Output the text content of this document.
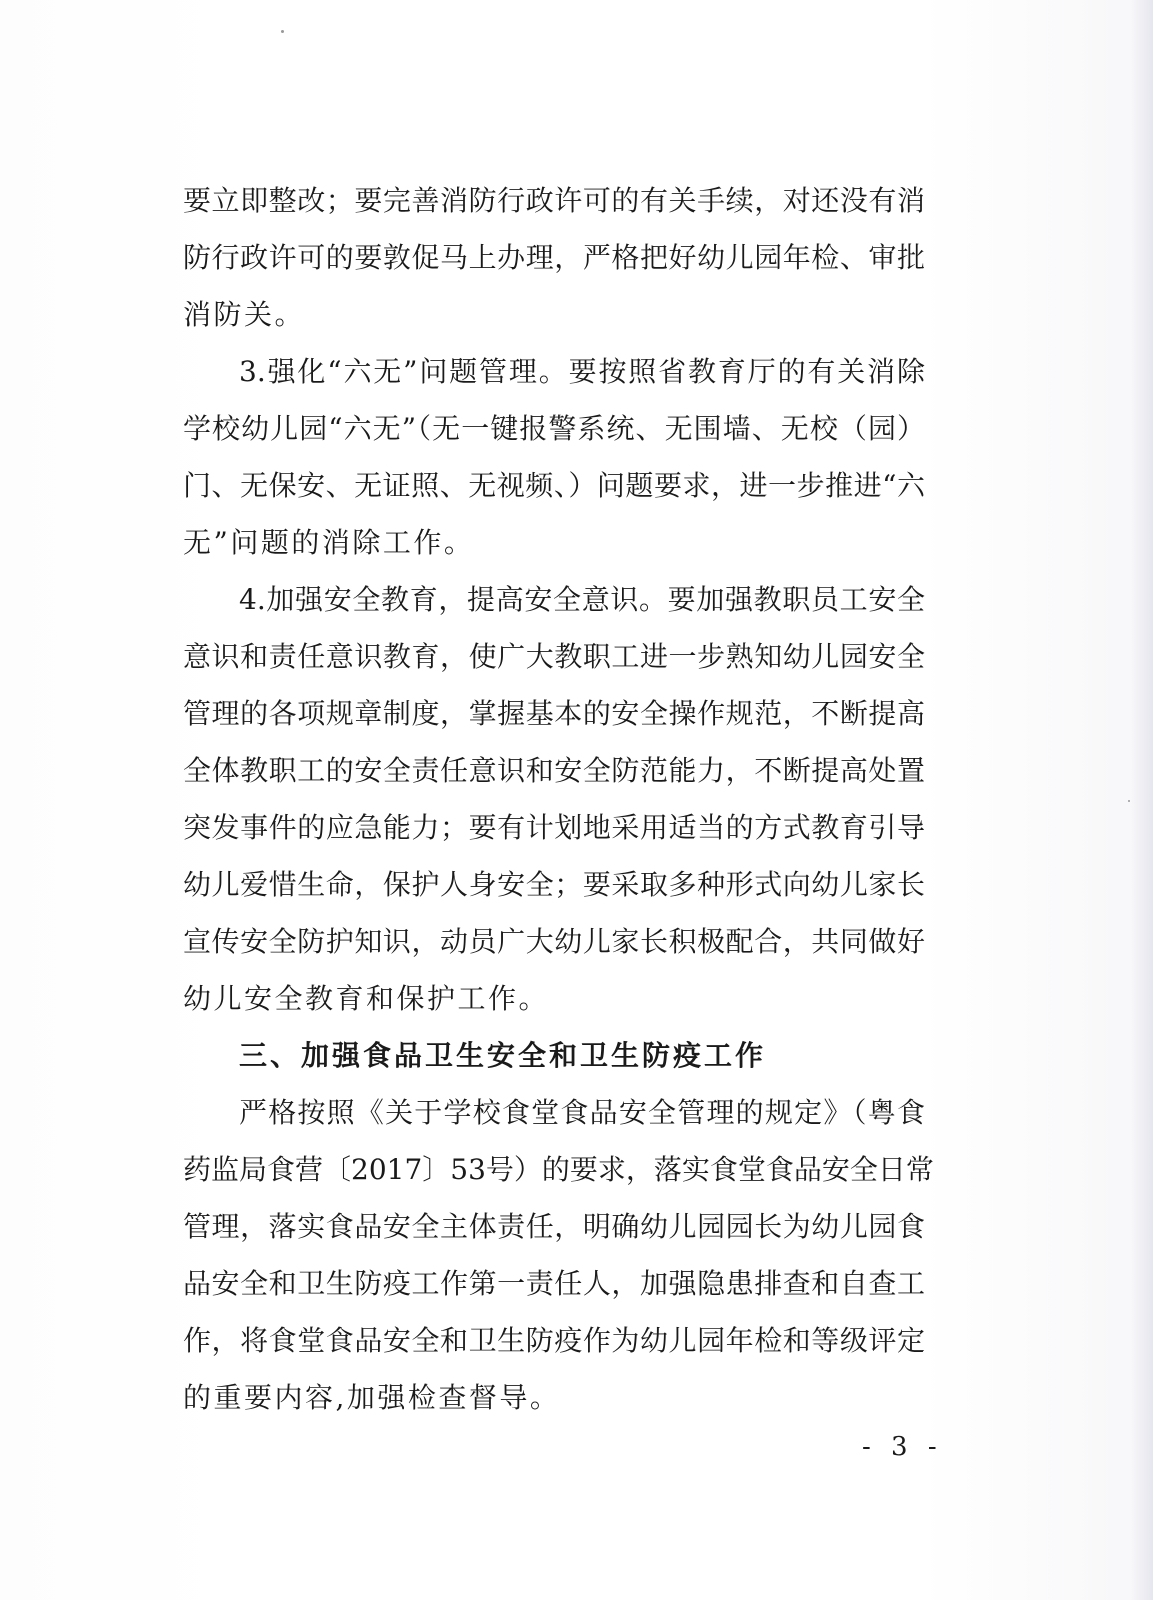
要立即整改；要完善消防行政许可的有关手续，对还没有消
防行政许可的要敦促马上办理，严格把好幼儿园年检、审批
消防关。
3.强化“六无”问题管理。要按照省教育厅的有关消除
学校幼儿园“六无”（无一键报警系统、无围墙、无校（园）
门、无保安、无证照、无视频、）问题要求，进一步推进“六
无”问题的消除工作。
4.加强安全教育，提高安全意识。要加强教职员工安全
意识和责任意识教育，使广大教职工进一步熟知幼儿园安全
管理的各项规章制度，掌握基本的安全操作规范，不断提高
全体教职工的安全责任意识和安全防范能力，不断提高处置
突发事件的应急能力；要有计划地采用适当的方式教育引导
幼儿爱惜生命，保护人身安全；要采取多种形式向幼儿家长
宣传安全防护知识，动员广大幼儿家长积极配合，共同做好
幼儿安全教育和保护工作。
三、加强食品卫生安全和卫生防疫工作
严格按照《关于学校食堂食品安全管理的规定》（粤食
药监局食营〔2017〕53号）的要求，落实食堂食品安全日常
管理，落实食品安全主体责任，明确幼儿园园长为幼儿园食
品安全和卫生防疫工作第一责任人，加强隐患排查和自查工
作，将食堂食品安全和卫生防疫作为幼儿园年检和等级评定
的重要内容,加强检查督导。
- 3 -
